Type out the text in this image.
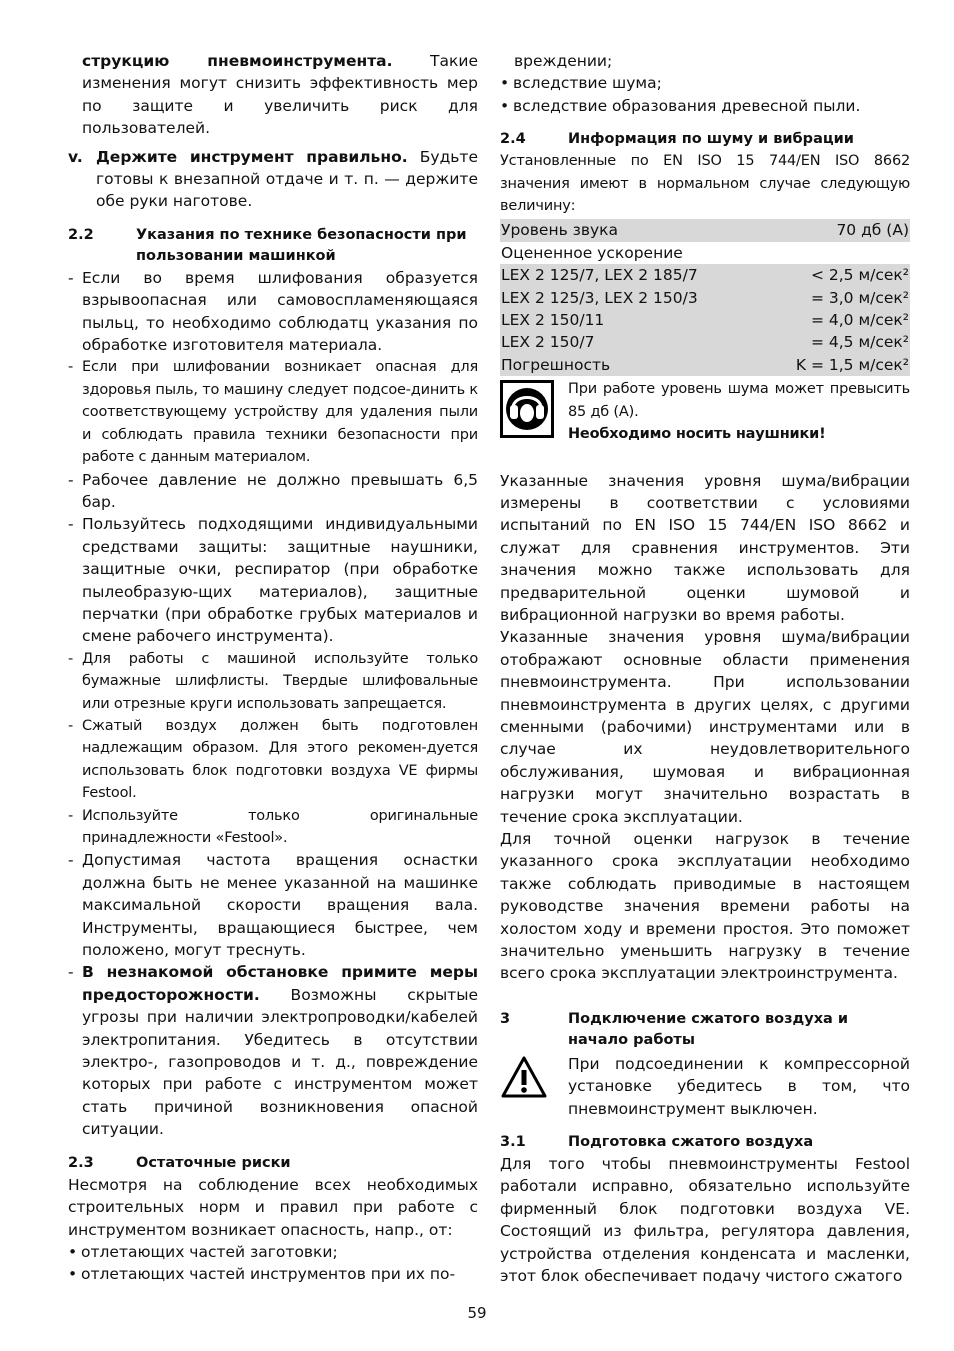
струкцию пневмоинструмента. Такие изменения могут снизить эффективность мер по защите и увеличить риск для пользователей.

v. Держите инструмент правильно. Будьте готовы к внезапной отдаче и т. п. — держите обе руки наготове.

2.2	Указания по технике безопасности при пользовании машинкой
- Если во время шлифования образуется взрывоопасная или самовоспламеняющаяся пыльц, то необходимо соблюдатц указания по обработке изготовителя материала.

- Если при шлифовании возникает опасная для здоровья пыль, то машину следует подсое-динить к соответствующему устройству для удаления пыли и соблюдать правила техники безопасности при работе с данным материалом.

- Рабочее давление не должно превышать 6,5 бар.

- Пользуйтесь подходящими индивидуальными средствами защиты: защитные наушники, защитные очки, респиратор (при обработке пылеобразую-щих материалов), защитные перчатки (при обработке грубых материалов и смене рабочего инструмента).

- Для работы с машиной используйте только бумажные шлифлисты. Твердые шлифовальные или отрезные круги использовать запрещается.

- Сжатый воздух должен быть подготовлен надлежащим образом. Для этого рекомен-дуется использовать блок подготовки воздуха VE фирмы Festool.

- Используйте только оригинальные принадлежности «Festool».

- Допустимая частота вращения оснастки должна быть не менее указанной на машинке максимальной скорости вращения вала. Инструменты, вращающиеся быстрее, чем положено, могут треснуть.

- В незнакомой обстановке примите меры предосторожности. Возможны скрытые угрозы при наличии электропроводки/кабелей электропитания. Убедитесь в отсутствии электро-, газопроводов и т. д., повреждение которых при работе с инструментом может стать причиной возникновения опасной ситуации.

2.3	Остаточные риски

Несмотря на соблюдение всех необходимых строительных норм и правил при работе с инструментом возникает опасность, напр., от:

• отлетающих частей заготовки;
• отлетающих частей инструментов при их по-

вреждении;

• вследствие шума;
• вследствие образования древесной пыли.
2.4	Информация по шуму и вибрации

Установленные по EN ISO 15 744/EN ISO 8662 значения имеют в нормальном случае следующую величину:

Уровень звука	70 дб (A)
Оцененное ускорение	
LEX 2 125/7, LEX 2 185/7	< 2,5 м/сек²
LEX 2 125/3, LEX 2 150/3	= 3,0 м/сек²
LEX 2 150/11	= 4,0 м/сек²
LEX 2 150/7	= 4,5 м/сек²
Погрешность	K = 1,5 м/сек²

При работе уровень шума может превысить 85 дб (A).

Необходимо носить наушники!

Указанные значения уровня шума/вибрации измерены в соответствии с условиями испытаний по EN ISO 15 744/EN ISO 8662 и служат для сравнения инструментов. Эти значения можно также использовать для предварительной оценки шумовой и вибрационной нагрузки во время работы.

Указанные значения уровня шума/вибрации отображают основные области применения пневмоинструмента. При использовании пневмоинструмента в других целях, с другими сменными (рабочими) инструментами или в случае их неудовлетворительного обслуживания, шумовая и вибрационная нагрузки могут значительно возрастать в течение срока эксплуатации.

Для точной оценки нагрузок в течение указанного срока эксплуатации необходимо также соблюдать приводимые в настоящем руководстве значения времени работы на холостом ходу и времени простоя. Это поможет значительно уменьшить нагрузку в течение всего срока эксплуатации электроинструмента.

3	Подключение сжатого воздуха и начало работы

При подсоединении к компрессорной установке убедитесь в том, что пневмоинструмент выключен.

3.1	Подготовка сжатого воздуха

Для того чтобы пневмоинструменты Festool работали исправно, обязательно используйте фирменный блок подготовки воздуха VE. Состоящий из фильтра, регулятора давления, устройства отделения конденсата и масленки, этот блок обеспечивает подачу чистого сжатого

59
